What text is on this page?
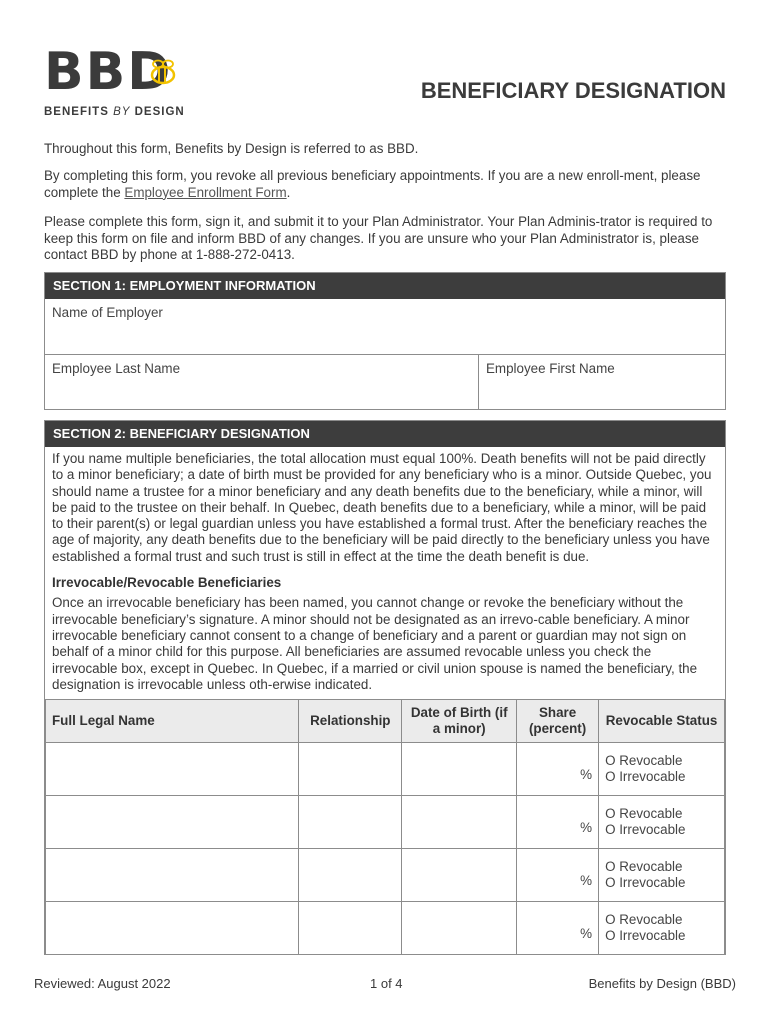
BBD
BENEFITS BY DESIGN
BENEFICIARY DESIGNATION

Throughout this form, Benefits by Design is referred to as BBD.

By completing this form, you revoke all previous beneficiary appointments. If you are a new enroll-ment, please complete the Employee Enrollment Form.

Please complete this form, sign it, and submit it to your Plan Administrator. Your Plan Adminis-trator is required to keep this form on file and inform BBD of any changes. If you are unsure who your Plan Administrator is, please contact BBD by phone at 1-888-272-0413.

SECTION 1: EMPLOYMENT INFORMATION
Name of Employer
Employee Last Name	Employee First Name
SECTION 2: BENEFICIARY DESIGNATION

If you name multiple beneficiaries, the total allocation must equal 100%. Death benefits will not be paid directly to a minor beneficiary; a date of birth must be provided for any beneficiary who is a minor. Outside Quebec, you should name a trustee for a minor beneficiary and any death benefits due to the beneficiary, while a minor, will be paid to the trustee on their behalf. In Quebec, death benefits due to a beneficiary, while a minor, will be paid to their parent(s) or legal guardian unless you have established a formal trust. After the beneficiary reaches the age of majority, any death benefits due to the beneficiary will be paid directly to the beneficiary unless you have established a formal trust and such trust is still in effect at the time the death benefit is due.

Irrevocable/Revocable Beneficiaries

Once an irrevocable beneficiary has been named, you cannot change or revoke the beneficiary without the irrevocable beneficiary’s signature. A minor should not be designated as an irrevo-cable beneficiary. A minor irrevocable beneficiary cannot consent to a change of beneficiary and a parent or guardian may not sign on behalf of a minor child for this purpose. All beneficiaries are assumed revocable unless you check the irrevocable box, except in Quebec. In Quebec, if a married or civil union spouse is named the beneficiary, the designation is irrevocable unless oth-erwise indicated.

Full Legal Name	Relationship	Date of Birth (if a minor)	Share (percent)	Revocable Status
			%	O Revocable
O Irrevocable

			%	O Revocable
O Irrevocable

			%	O Revocable
O Irrevocable

			%	O Revocable
O Irrevocable
Reviewed: August 2022	1 of 4	Benefits by Design (BBD)
